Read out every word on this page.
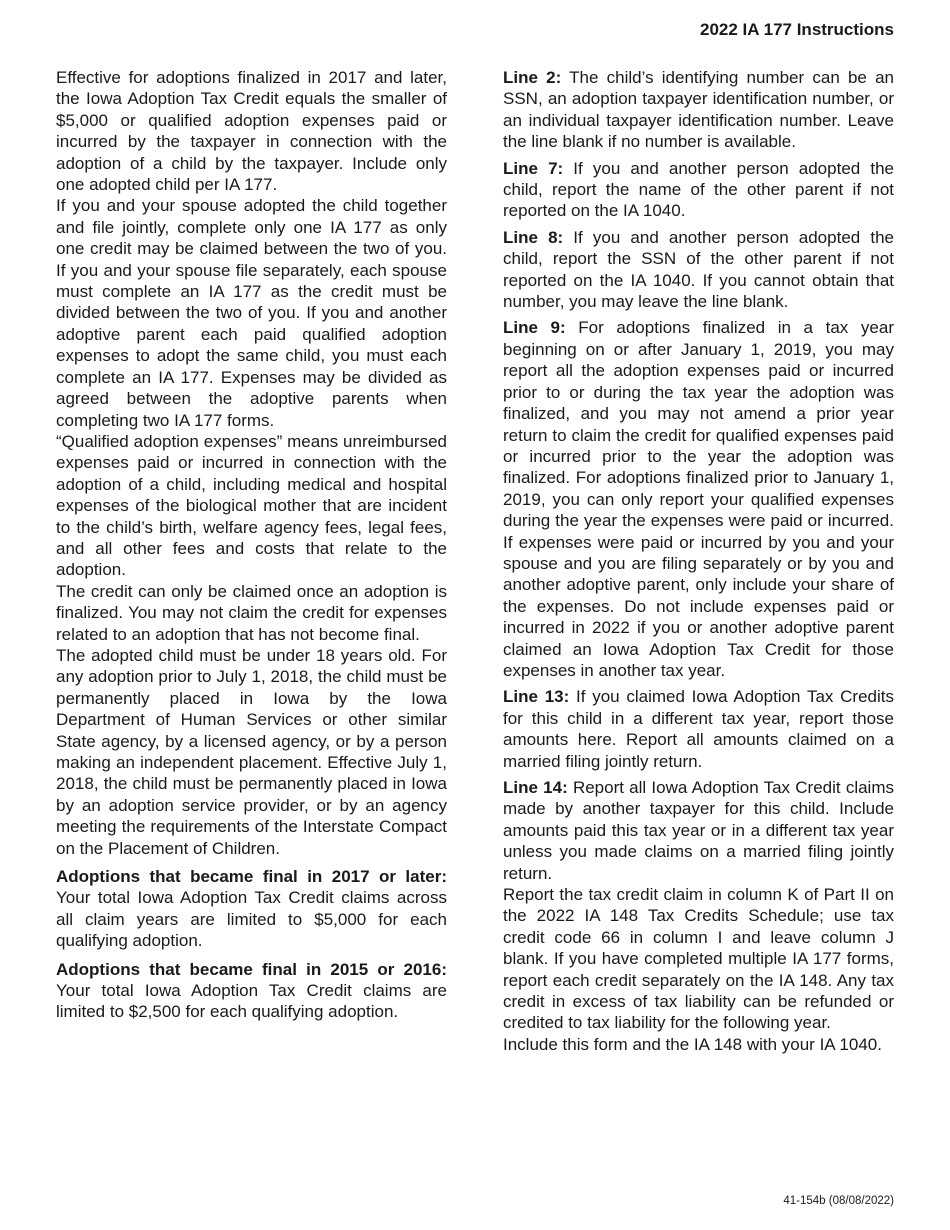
2022 IA 177 Instructions

Effective for adoptions finalized in 2017 and later, the Iowa Adoption Tax Credit equals the smaller of $5,000 or qualified adoption expenses paid or incurred by the taxpayer in connection with the adoption of a child by the taxpayer. Include only one adopted child per IA 177.

If you and your spouse adopted the child together and file jointly, complete only one IA 177 as only one credit may be claimed between the two of you. If you and your spouse file separately, each spouse must complete an IA 177 as the credit must be divided between the two of you. If you and another adoptive parent each paid qualified adoption expenses to adopt the same child, you must each complete an IA 177. Expenses may be divided as agreed between the adoptive parents when completing two IA 177 forms.

“Qualified adoption expenses” means unreimbursed expenses paid or incurred in connection with the adoption of a child, including medical and hospital expenses of the biological mother that are incident to the child’s birth, welfare agency fees, legal fees, and all other fees and costs that relate to the adoption.

The credit can only be claimed once an adoption is finalized. You may not claim the credit for expenses related to an adoption that has not become final.

The adopted child must be under 18 years old. For any adoption prior to July 1, 2018, the child must be permanently placed in Iowa by the Iowa Department of Human Services or other similar State agency, by a licensed agency, or by a person making an independent placement. Effective July 1, 2018, the child must be permanently placed in Iowa by an adoption service provider, or by an agency meeting the requirements of the Interstate Compact on the Placement of Children.

Adoptions that became final in 2017 or later: Your total Iowa Adoption Tax Credit claims across all claim years are limited to $5,000 for each qualifying adoption.

Adoptions that became final in 2015 or 2016: Your total Iowa Adoption Tax Credit claims are limited to $2,500 for each qualifying adoption.

Line 2: The child’s identifying number can be an SSN, an adoption taxpayer identification number, or an individual taxpayer identification number. Leave the line blank if no number is available.

Line 7: If you and another person adopted the child, report the name of the other parent if not reported on the IA 1040.

Line 8: If you and another person adopted the child, report the SSN of the other parent if not reported on the IA 1040. If you cannot obtain that number, you may leave the line blank.

Line 9: For adoptions finalized in a tax year beginning on or after January 1, 2019, you may report all the adoption expenses paid or incurred prior to or during the tax year the adoption was finalized, and you may not amend a prior year return to claim the credit for qualified expenses paid or incurred prior to the year the adoption was finalized. For adoptions finalized prior to January 1, 2019, you can only report your qualified expenses during the year the expenses were paid or incurred. If expenses were paid or incurred by you and your spouse and you are filing separately or by you and another adoptive parent, only include your share of the expenses. Do not include expenses paid or incurred in 2022 if you or another adoptive parent claimed an Iowa Adoption Tax Credit for those expenses in another tax year.

Line 13: If you claimed Iowa Adoption Tax Credits for this child in a different tax year, report those amounts here. Report all amounts claimed on a married filing jointly return.

Line 14: Report all Iowa Adoption Tax Credit claims made by another taxpayer for this child. Include amounts paid this tax year or in a different tax year unless you made claims on a married filing jointly return.

Report the tax credit claim in column K of Part II on the 2022 IA 148 Tax Credits Schedule; use tax credit code 66 in column I and leave column J blank. If you have completed multiple IA 177 forms, report each credit separately on the IA 148. Any tax credit in excess of tax liability can be refunded or credited to tax liability for the following year.

Include this form and the IA 148 with your IA 1040.

41-154b (08/08/2022)
